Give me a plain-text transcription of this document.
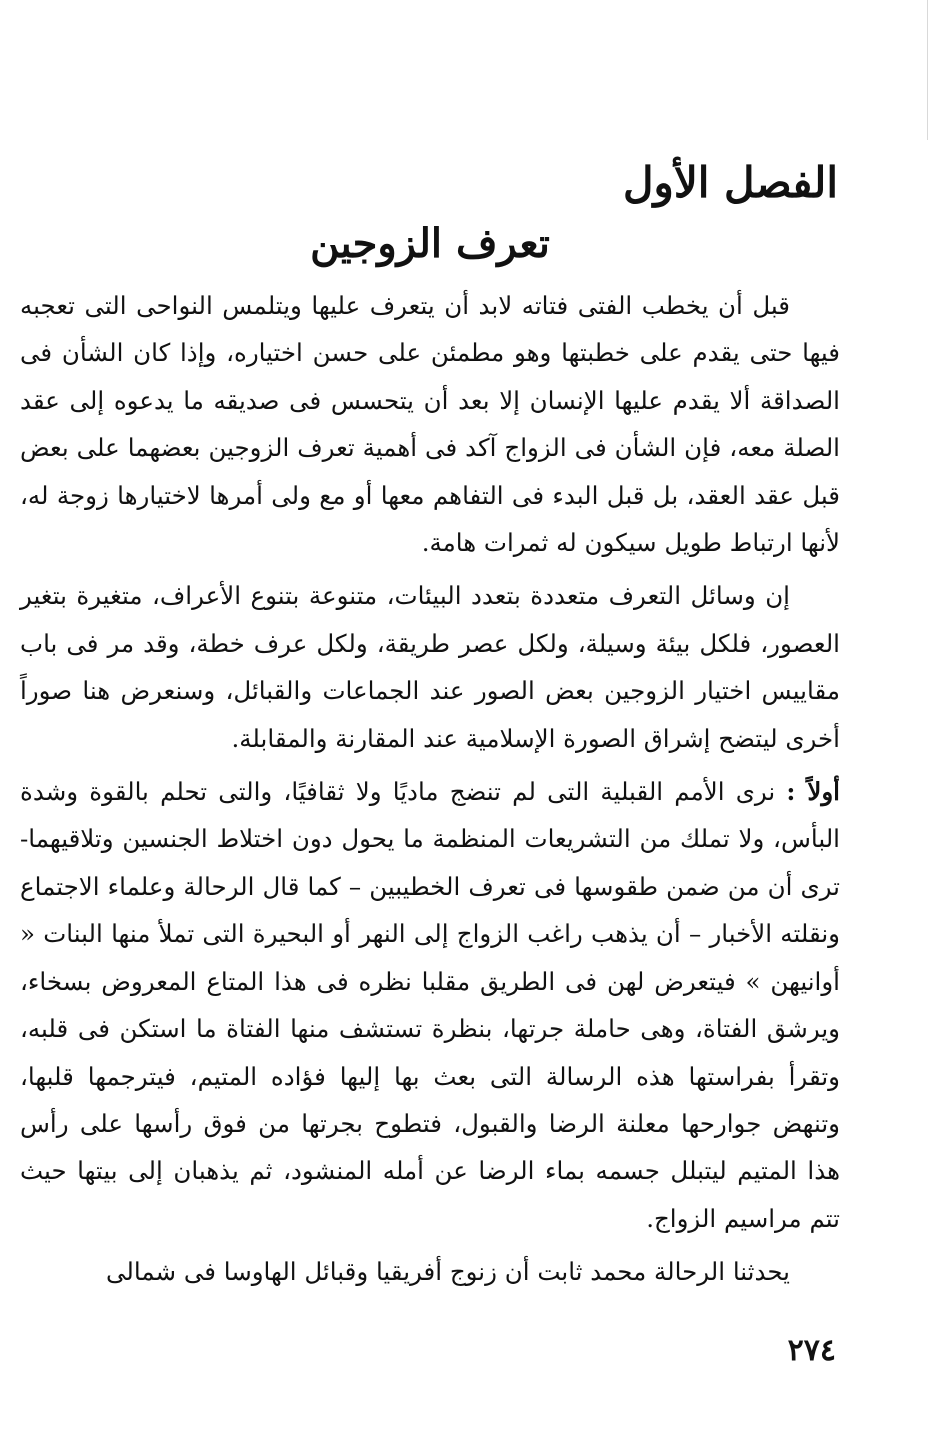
الفصل الأول
تعرف الزوجين

قبل أن يخطب الفتى فتاته لابد أن يتعرف عليها ويتلمس النواحى التى تعجبه فيها حتى يقدم على خطبتها وهو مطمئن على حسن اختياره، وإذا كان الشأن فى الصداقة ألا يقدم عليها الإنسان إلا بعد أن يتحسس فى صديقه ما يدعوه إلى عقد الصلة معه، فإن الشأن فى الزواج آكد فى أهمية تعرف الزوجين بعضهما على بعض قبل عقد العقد، بل قبل البدء فى التفاهم معها أو مع ولى أمرها لاختيارها زوجة له، لأنها ارتباط طويل سيكون له ثمرات هامة.

إن وسائل التعرف متعددة بتعدد البيئات، متنوعة بتنوع الأعراف، متغيرة بتغير العصور، فلكل بيئة وسيلة، ولكل عصر طريقة، ولكل عرف خطة، وقد مر فى باب مقاييس اختيار الزوجين بعض الصور عند الجماعات والقبائل، وسنعرض هنا صوراً أخرى ليتضح إشراق الصورة الإسلامية عند المقارنة والمقابلة.

أولاً : نرى الأمم القبلية التى لم تنضج ماديًا ولا ثقافيًا، والتى تحلم بالقوة وشدة البأس، ولا تملك من التشريعات المنظمة ما يحول دون اختلاط الجنسين وتلاقيهما- ترى أن من ضمن طقوسها فى تعرف الخطيبين – كما قال الرحالة وعلماء الاجتماع ونقلته الأخبار – أن يذهب راغب الزواج إلى النهر أو البحيرة التى تملأ منها البنات « أوانيهن » فيتعرض لهن فى الطريق مقلبا نظره فى هذا المتاع المعروض بسخاء، ويرشق الفتاة، وهى حاملة جرتها، بنظرة تستشف منها الفتاة ما استكن فى قلبه، وتقرأ بفراستها هذه الرسالة التى بعث بها إليها فؤاده المتيم، فيترجمها قلبها، وتنهض جوارحها معلنة الرضا والقبول، فتطوح بجرتها من فوق رأسها على رأس هذا المتيم ليتبلل جسمه بماء الرضا عن أمله المنشود، ثم يذهبان إلى بيتها حيث تتم مراسيم الزواج.

يحدثنا الرحالة محمد ثابت أن زنوج أفريقيا وقبائل الهاوسا فى شمالى

٢٧٤
